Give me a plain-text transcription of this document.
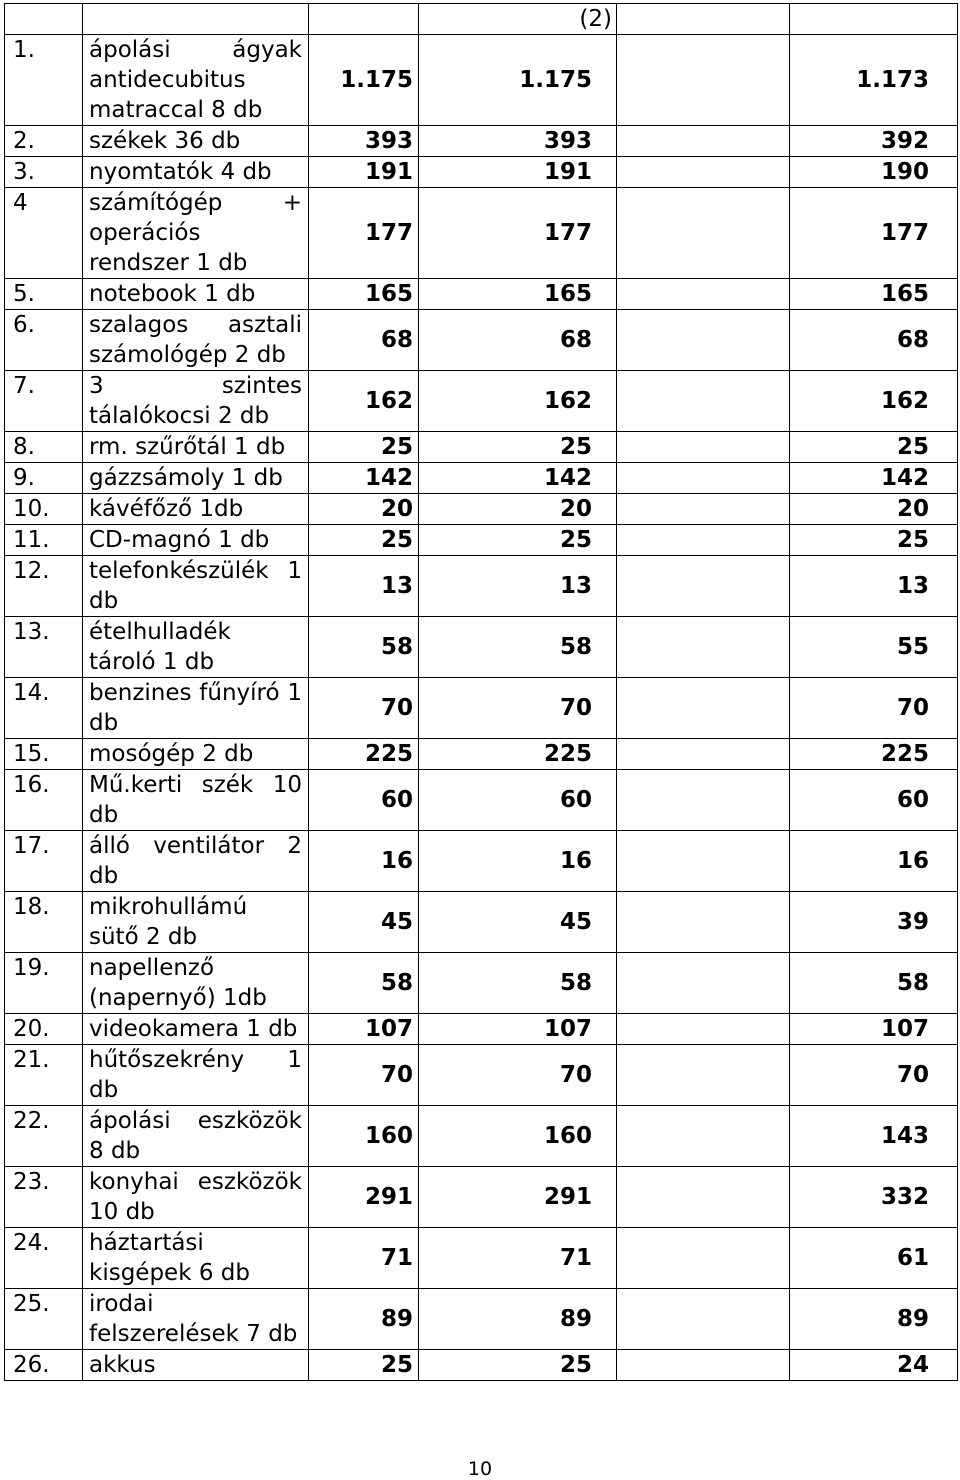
			(2)		
1.	ápolási ágyak antidecubitus matraccal 8 db	1.175	1.175		1.173
2.	székek 36 db	393	393		392
3.	nyomtatók 4 db	191	191		190
4	számítógép + operációs rendszer 1 db	177	177		177
5.	notebook 1 db	165	165		165
6.	szalagos asztali számológép 2 db	68	68		68
7.	3 szintes tálalókocsi 2 db	162	162		162
8.	rm. szűrőtál 1 db	25	25		25
9.	gázzsámoly 1 db	142	142		142
10.	kávéfőző 1db	20	20		20
11.	CD-magnó 1 db	25	25		25
12.	telefonkészülék 1 db	13	13		13
13.	ételhulladék tároló 1 db	58	58		55
14.	benzines fűnyíró 1 db	70	70		70
15.	mosógép 2 db	225	225		225
16.	Mű.kerti szék 10 db	60	60		60
17.	álló ventilátor 2 db	16	16		16
18.	mikrohullámú sütő 2 db	45	45		39
19.	napellenző (napernyő) 1db	58	58		58
20.	videokamera 1 db	107	107		107
21.	hűtőszekrény 1 db	70	70		70
22.	ápolási eszközök 8 db	160	160		143
23.	konyhai eszközök 10 db	291	291		332
24.	háztartási kisgépek 6 db	71	71		61
25.	irodai felszerelések 7 db	89	89		89
26.	akkus	25	25		24
10
